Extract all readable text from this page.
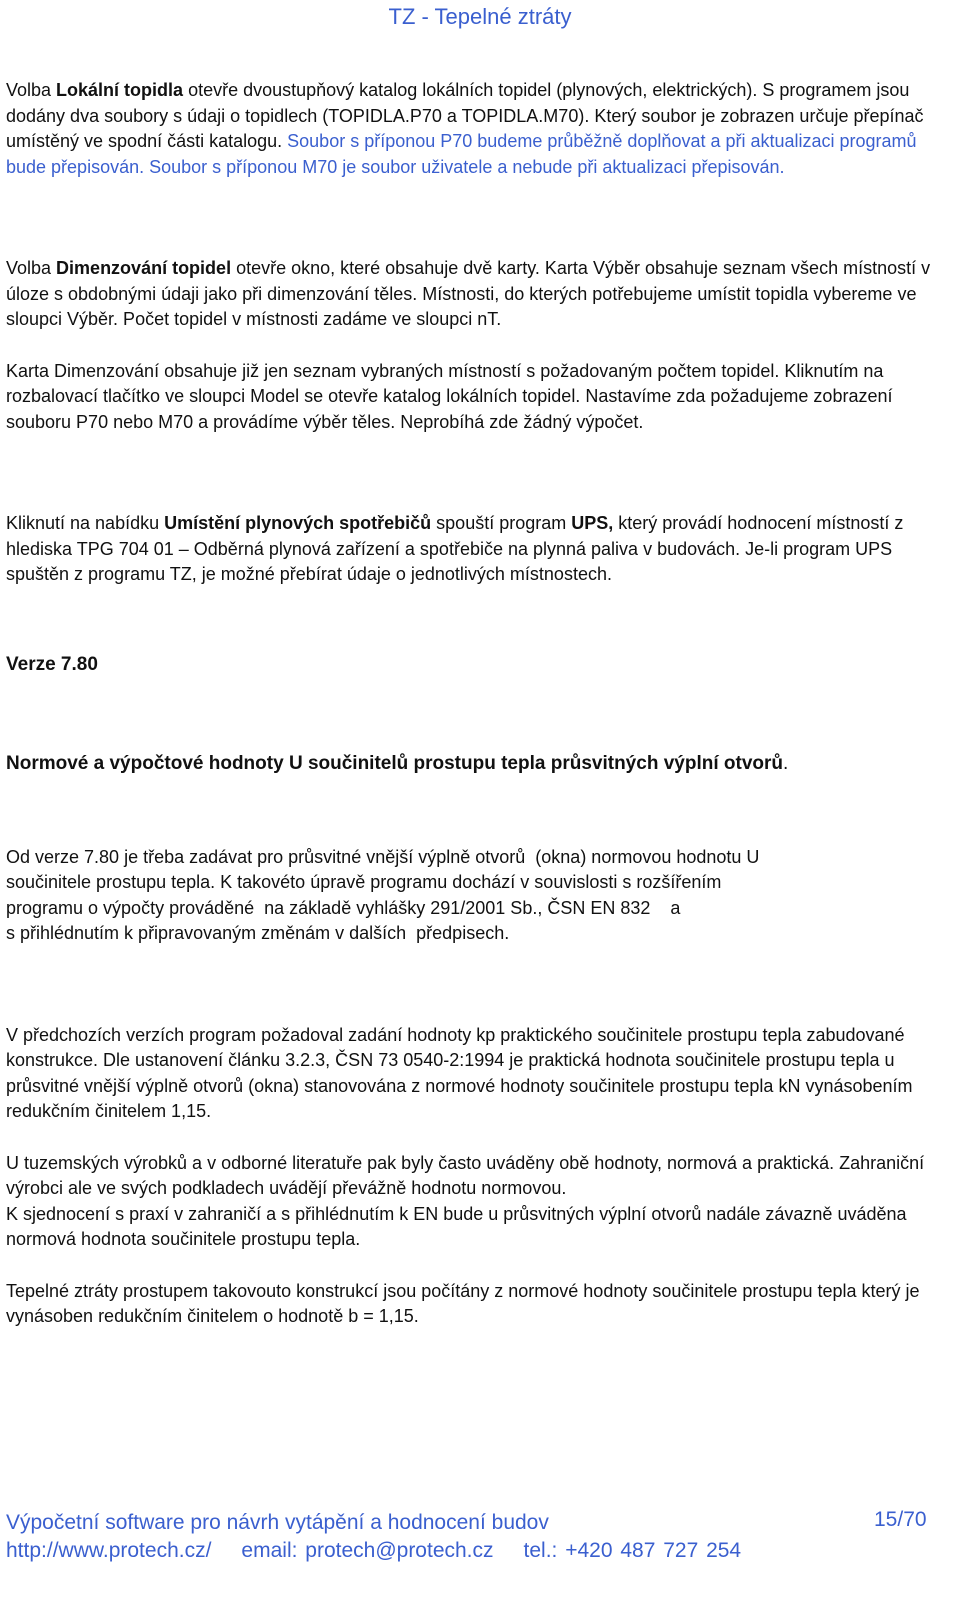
TZ - Tepelné ztráty

Volba Lokální topidla otevře dvoustupňový katalog lokálních topidel (plynových, elektrických). S programem jsou dodány dva soubory s údaji o topidlech (TOPIDLA.P70 a TOPIDLA.M70). Který soubor je zobrazen určuje přepínač umístěný ve spodní části katalogu. Soubor s příponou P70 budeme průběžně doplňovat a při aktualizaci programů bude přepisován. Soubor s příponou M70 je soubor uživatele a nebude při aktualizaci přepisován.

Volba Dimenzování topidel otevře okno, které obsahuje dvě karty. Karta Výběr obsahuje seznam všech místností v úloze s obdobnými údaji jako při dimenzování těles. Místnosti, do kterých potřebujeme umístit topidla vybereme ve sloupci Výběr. Počet topidel v místnosti zadáme ve sloupci nT.

Karta Dimenzování obsahuje již jen seznam vybraných místností s požadovaným počtem topidel. Kliknutím na rozbalovací tlačítko ve sloupci Model se otevře katalog lokálních topidel. Nastavíme zda požadujeme zobrazení souboru P70 nebo M70 a provádíme výběr těles. Neprobíhá zde žádný výpočet.

Kliknutí na nabídku Umístění plynových spotřebičů spouští program UPS, který provádí hodnocení místností z hlediska TPG 704 01 – Odběrná plynová zařízení a spotřebiče na plynná paliva v budovách. Je-li program UPS spuštěn z programu TZ, je možné přebírat údaje o jednotlivých místnostech.

Verze 7.80

Normové a výpočtové hodnoty U součinitelů prostupu tepla průsvitných výplní otvorů.

Od verze 7.80 je třeba zadávat pro průsvitné vnější výplně otvorů  (okna) normovou hodnotu U
součinitele prostupu tepla. K takovéto úpravě programu dochází v souvislosti s rozšířením
programu o výpočty prováděné  na základě vyhlášky 291/2001 Sb., ČSN EN 832    a
s přihlédnutím k připravovaným změnám v dalších  předpisech.

V předchozích verzích program požadoval zadání hodnoty kp praktického součinitele prostupu tepla zabudované konstrukce. Dle ustanovení článku 3.2.3, ČSN 73 0540-2:1994 je praktická hodnota součinitele prostupu tepla u průsvitné vnější výplně otvorů (okna) stanovována z normové hodnoty součinitele prostupu tepla kN vynásobením redukčním činitelem 1,15.

U tuzemských výrobků a v odborné literatuře pak byly často uváděny obě hodnoty, normová a praktická. Zahraniční výrobci ale ve svých podkladech uvádějí převážně hodnotu normovou.
K sjednocení s praxí v zahraničí a s přihlédnutím k EN bude u průsvitných výplní otvorů nadále závazně uváděna normová hodnota součinitele prostupu tepla.

Tepelné ztráty prostupem takovouto konstrukcí jsou počítány z normové hodnoty součinitele prostupu tepla který je vynásoben redukčním činitelem o hodnotě b = 1,15.

Výpočetní software pro návrh vytápění a hodnocení budov	15/70
http://www.protech.cz/ email: protech@protech.cz tel.: +420 487 727 254
